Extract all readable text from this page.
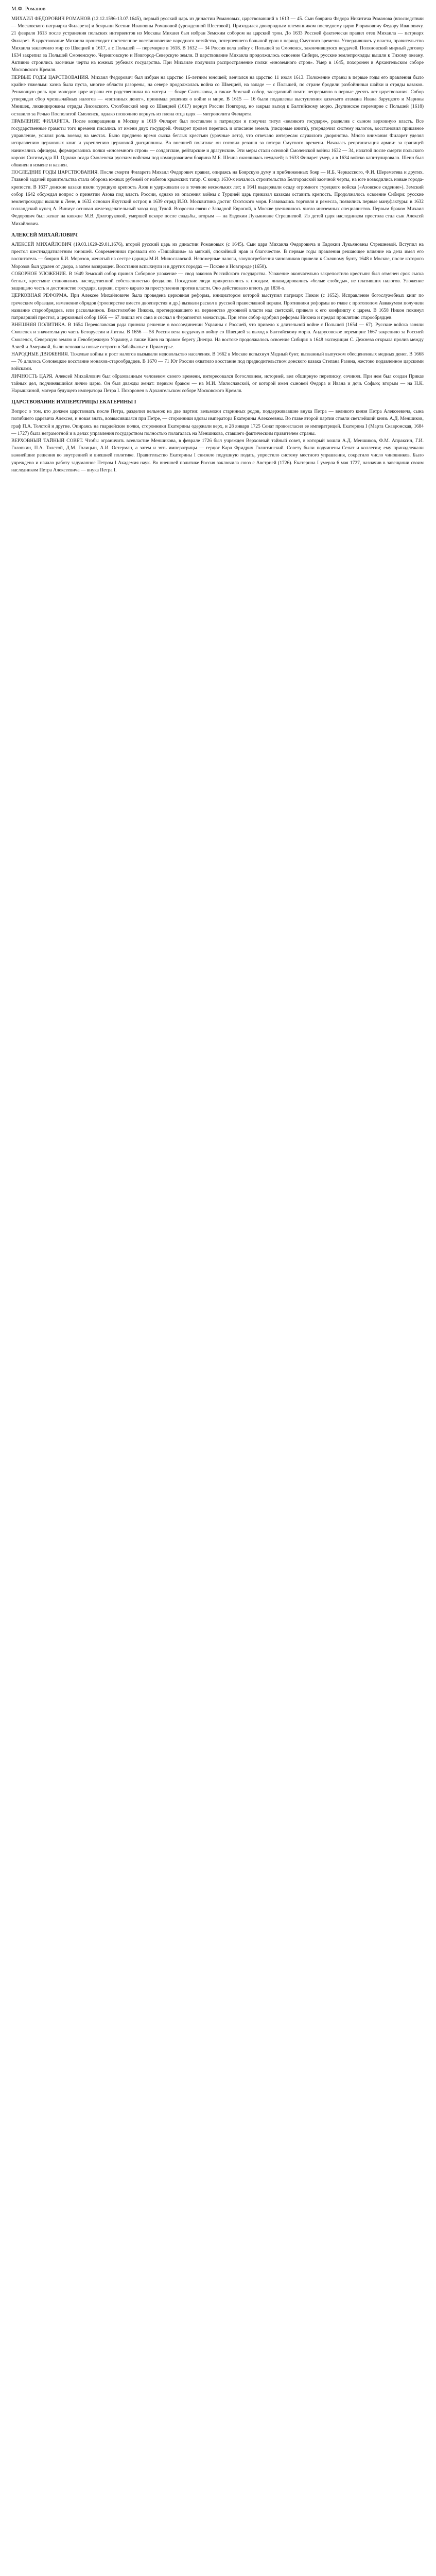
М.Ф. Романов

МИХАИЛ ФЕДОРОВИЧ РОМАНОВ (12.12.1596-13.07.1645), первый русский царь из династии Романовых, царствовавший в 1613 — 45. Сын боярина Федора Никитича Романова (впоследствии — Московского патриарха Филарета) и боярыни Ксении Ивановны Романовой (урожденной Шестовой). Приходился двоюродным племянником последнему царю Рюриковичу Федору Ивановичу. 21 февраля 1613 после устранения польских интервентов из Москвы Михаил был избран Земским собором на царский трон. До 1633 Россией фактически правил отец Михаила — патриарх Филарет. В царствование Михаила происходит постепенное восстановление народного хозяйства, потерпевшего большой урон в период Смутного времени. Утвердившись у власти, правительство Михаила заключило мир со Швецией в 1617, а с Польшей — перемирие в 1618. В 1632 — 34 Россия вела войну с Польшей за Смоленск, закончившуюся неудачей. Поляновский мирный договор 1634 закрепил за Польшей Смоленскую, Черниговскую и Новгород-Северскую земли. В царствование Михаила продолжилось освоение Сибири, русские землепроходцы вышли к Тихому океану. Активно строились засечные черты на южных рубежах государства. При Михаиле получили распространение полки «иноземного строя». Умер в 1645, похоронен в Архангельском соборе Московского Кремля.

ПЕРВЫЕ ГОДЫ ЦАРСТВОВАНИЯ. Михаил Федорович был избран на царство 16-летним юношей; венчался на царство 11 июля 1613. Положение страны в первые годы его правления было крайне тяжелым: казна была пуста, многие области разорены, на севере продолжалась война со Швецией, на западе — с Польшей, по стране бродили разбойничьи шайки и отряды казаков. Решающую роль при молодом царе играли его родственники по матери — бояре Салтыковы, а также Земский собор, заседавший почти непрерывно в первые десять лет царствования. Собор утверждал сбор чрезвычайных налогов — «пятинных денег», принимал решения о войне и мире. В 1615 — 16 были подавлены выступления казачьего атамана Ивана Заруцкого и Марины Мнишек, ликвидированы отряды Лисовского. Столбовский мир со Швецией (1617) вернул России Новгород, но закрыл выход к Балтийскому морю. Деулинское перемирие с Польшей (1618) оставило за Речью Посполитой Смоленск, однако позволило вернуть из плена отца царя — митрополита Филарета.

ПРАВЛЕНИЕ ФИЛАРЕТА. После возвращения в Москву в 1619 Филарет был поставлен в патриархи и получил титул «великого государя», разделив с сыном верховную власть. Все государственные грамоты того времени писались от имени двух государей. Филарет провел перепись и описание земель (писцовые книги), упорядочил систему налогов, восстановил приказное управление, усилил роль воевод на местах. Было продлено время сыска беглых крестьян (урочные лета), что отвечало интересам служилого дворянства. Много внимания Филарет уделял исправлению церковных книг и укреплению церковной дисциплины. Во внешней политике он готовил реванш за потери Смутного времени. Началась реорганизация армии: за границей нанимались офицеры, формировались полки «иноземного строя» — солдатские, рейтарские и драгунские. Эти меры стали основой Смоленской войны 1632 — 34, начатой после смерти польского короля Сигизмунда III. Однако осада Смоленска русским войском под командованием боярина М.Б. Шеина окончилась неудачей; в 1633 Филарет умер, а в 1634 войско капитулировало. Шеин был обвинен в измене и казнен.

ПОСЛЕДНИЕ ГОДЫ ЦАРСТВОВАНИЯ. После смерти Филарета Михаил Федорович правил, опираясь на Боярскую думу и приближенных бояр — И.Б. Черкасского, Ф.И. Шереметева и других. Главной задачей правительства стала оборона южных рубежей от набегов крымских татар. С конца 1630-х началось строительство Белгородской засечной черты, на юге возводились новые города-крепости. В 1637 донские казаки взяли турецкую крепость Азов и удерживали ее в течение нескольких лет; в 1641 выдержали осаду огромного турецкого войска («Азовское сидение»). Земский собор 1642 обсуждал вопрос о принятии Азова под власть России, однако из опасения войны с Турцией царь приказал казакам оставить крепость. Продолжалось освоение Сибири: русские землепроходцы вышли к Лене, в 1632 основан Якутский острог, в 1639 отряд И.Ю. Москвитина достиг Охотского моря. Развивались торговля и ремесла, появились первые мануфактуры: в 1632 голландский купец А. Виниус основал железоделательный завод под Тулой. Возросли связи с Западной Европой, в Москве увеличилось число иноземных специалистов. Первым браком Михаил Федорович был женат на княжне М.В. Долгоруковой, умершей вскоре после свадьбы, вторым — на Евдокии Лукьяновне Стрешневой. Из детей царя наследником престола стал сын Алексей Михайлович.

АЛЕКСЕЙ МИХАЙЛОВИЧ

АЛЕКСЕЙ МИХАЙЛОВИЧ (19.03.1629-29.01.1676), второй русский царь из династии Романовых (с 1645). Сын царя Михаила Федоровича и Евдокии Лукьяновны Стрешневой. Вступил на престол шестнадцатилетним юношей. Современники прозвали его «Тишайшим» за мягкий, спокойный нрав и благочестие. В первые годы правления решающее влияние на дела имел его воспитатель — боярин Б.И. Морозов, женатый на сестре царицы М.И. Милославской. Непомерные налоги, злоупотребления чиновников привели к Соляному бунту 1648 в Москве, после которого Морозов был удален от двора, а затем возвращен. Восстания вспыхнули и в других городах — Пскове и Новгороде (1650).

СОБОРНОЕ УЛОЖЕНИЕ. В 1649 Земский собор принял Соборное уложение — свод законов Российского государства. Уложение окончательно закрепостило крестьян: был отменен срок сыска беглых, крестьяне становились наследственной собственностью феодалов. Посадские люди прикреплялись к посадам, ликвидировались «белые слободы», не плативших налогов. Уложение защищало честь и достоинство государя, церкви, строго карало за преступления против власти. Оно действовало вплоть до 1830-х.

ЦЕРКОВНАЯ РЕФОРМА. При Алексее Михайловиче была проведена церковная реформа, инициатором которой выступил патриарх Никон (с 1652). Исправление богослужебных книг по греческим образцам, изменение обрядов (троеперстие вместо двоеперстия и др.) вызвали раскол в русской православной церкви. Противники реформы во главе с протопопом Аввакумом получили название старообрядцев, или раскольников. Властолюбие Никона, претендовавшего на первенство духовной власти над светской, привело к его конфликту с царем. В 1658 Никон покинул патриарший престол, а церковный собор 1666 — 67 лишил его сана и сослал в Ферапонтов монастырь. При этом собор одобрил реформы Никона и предал проклятию старообрядцев.

ВНЕШНЯЯ ПОЛИТИКА. В 1654 Переяславская рада приняла решение о воссоединении Украины с Россией, что привело к длительной войне с Польшей (1654 — 67). Русские войска заняли Смоленск и значительную часть Белоруссии и Литвы. В 1656 — 58 Россия вела неудачную войну со Швецией за выход к Балтийскому морю. Андрусовское перемирие 1667 закрепило за Россией Смоленск, Северскую землю и Левобережную Украину, а также Киев на правом берегу Днепра. На востоке продолжалось освоение Сибири: в 1648 экспедиция С. Дежнева открыла пролив между Азией и Америкой, были основаны новые остроги в Забайкалье и Приамурье.

НАРОДНЫЕ ДВИЖЕНИЯ. Тяжелые войны и рост налогов вызывали недовольство населения. В 1662 в Москве вспыхнул Медный бунт, вызванный выпуском обесцененных медных денег. В 1668 — 76 длилось Соловецкое восстание монахов-старообрядцев. В 1670 — 71 Юг России охватило восстание под предводительством донского казака Степана Разина, жестоко подавленное царскими войсками.

ЛИЧНОСТЬ ЦАРЯ. Алексей Михайлович был образованным человеком своего времени, интересовался богословием, историей, вел обширную переписку, сочинял. При нем был создан Приказ тайных дел, подчинявшийся лично царю. Он был дважды женат: первым браком — на М.И. Милославской, от которой имел сыновей Федора и Ивана и дочь Софью; вторым — на Н.К. Нарышкиной, матери будущего императора Петра I. Похоронен в Архангельском соборе Московского Кремля.

ЦАРСТВОВАНИЕ ИМПЕРАТРИЦЫ ЕКАТЕРИНЫ I

Вопрос о том, кто должен царствовать после Петра, разделил вельмож на две партии: вельможи старинных родов, поддерживавшие внука Петра — великого князя Петра Алексеевича, сына погибшего царевича Алексея, и новая знать, возвысившаяся при Петре, — сторонники вдовы императора Екатерины Алексеевны. Во главе второй партии стояли светлейший князь А.Д. Меншиков, граф П.А. Толстой и другие. Опираясь на гвардейские полки, сторонники Екатерины одержали верх, и 28 января 1725 Сенат провозгласил ее императрицей. Екатерина I (Марта Скавронская, 1684 — 1727) была неграмотной и в делах управления государством полностью полагалась на Меншикова, ставшего фактическим правителем страны.

ВЕРХОВНЫЙ ТАЙНЫЙ СОВЕТ. Чтобы ограничить всевластие Меншикова, в феврале 1726 был учрежден Верховный тайный совет, в который вошли А.Д. Меншиков, Ф.М. Апраксин, Г.И. Головкин, П.А. Толстой, Д.М. Голицын, А.И. Остерман, а затем и зять императрицы — герцог Карл Фридрих Голштинский. Совету были подчинены Сенат и коллегии; ему принадлежали важнейшие решения во внутренней и внешней политике. Правительство Екатерины I снизило подушную подать, упростило систему местного управления, сократило число чиновников. Было учреждено и начало работу задуманное Петром I Академия наук. Во внешней политике Россия заключила союз с Австрией (1726). Екатерина I умерла 6 мая 1727, назначив в завещании своим наследником Петра Алексеевича — внука Петра I.
